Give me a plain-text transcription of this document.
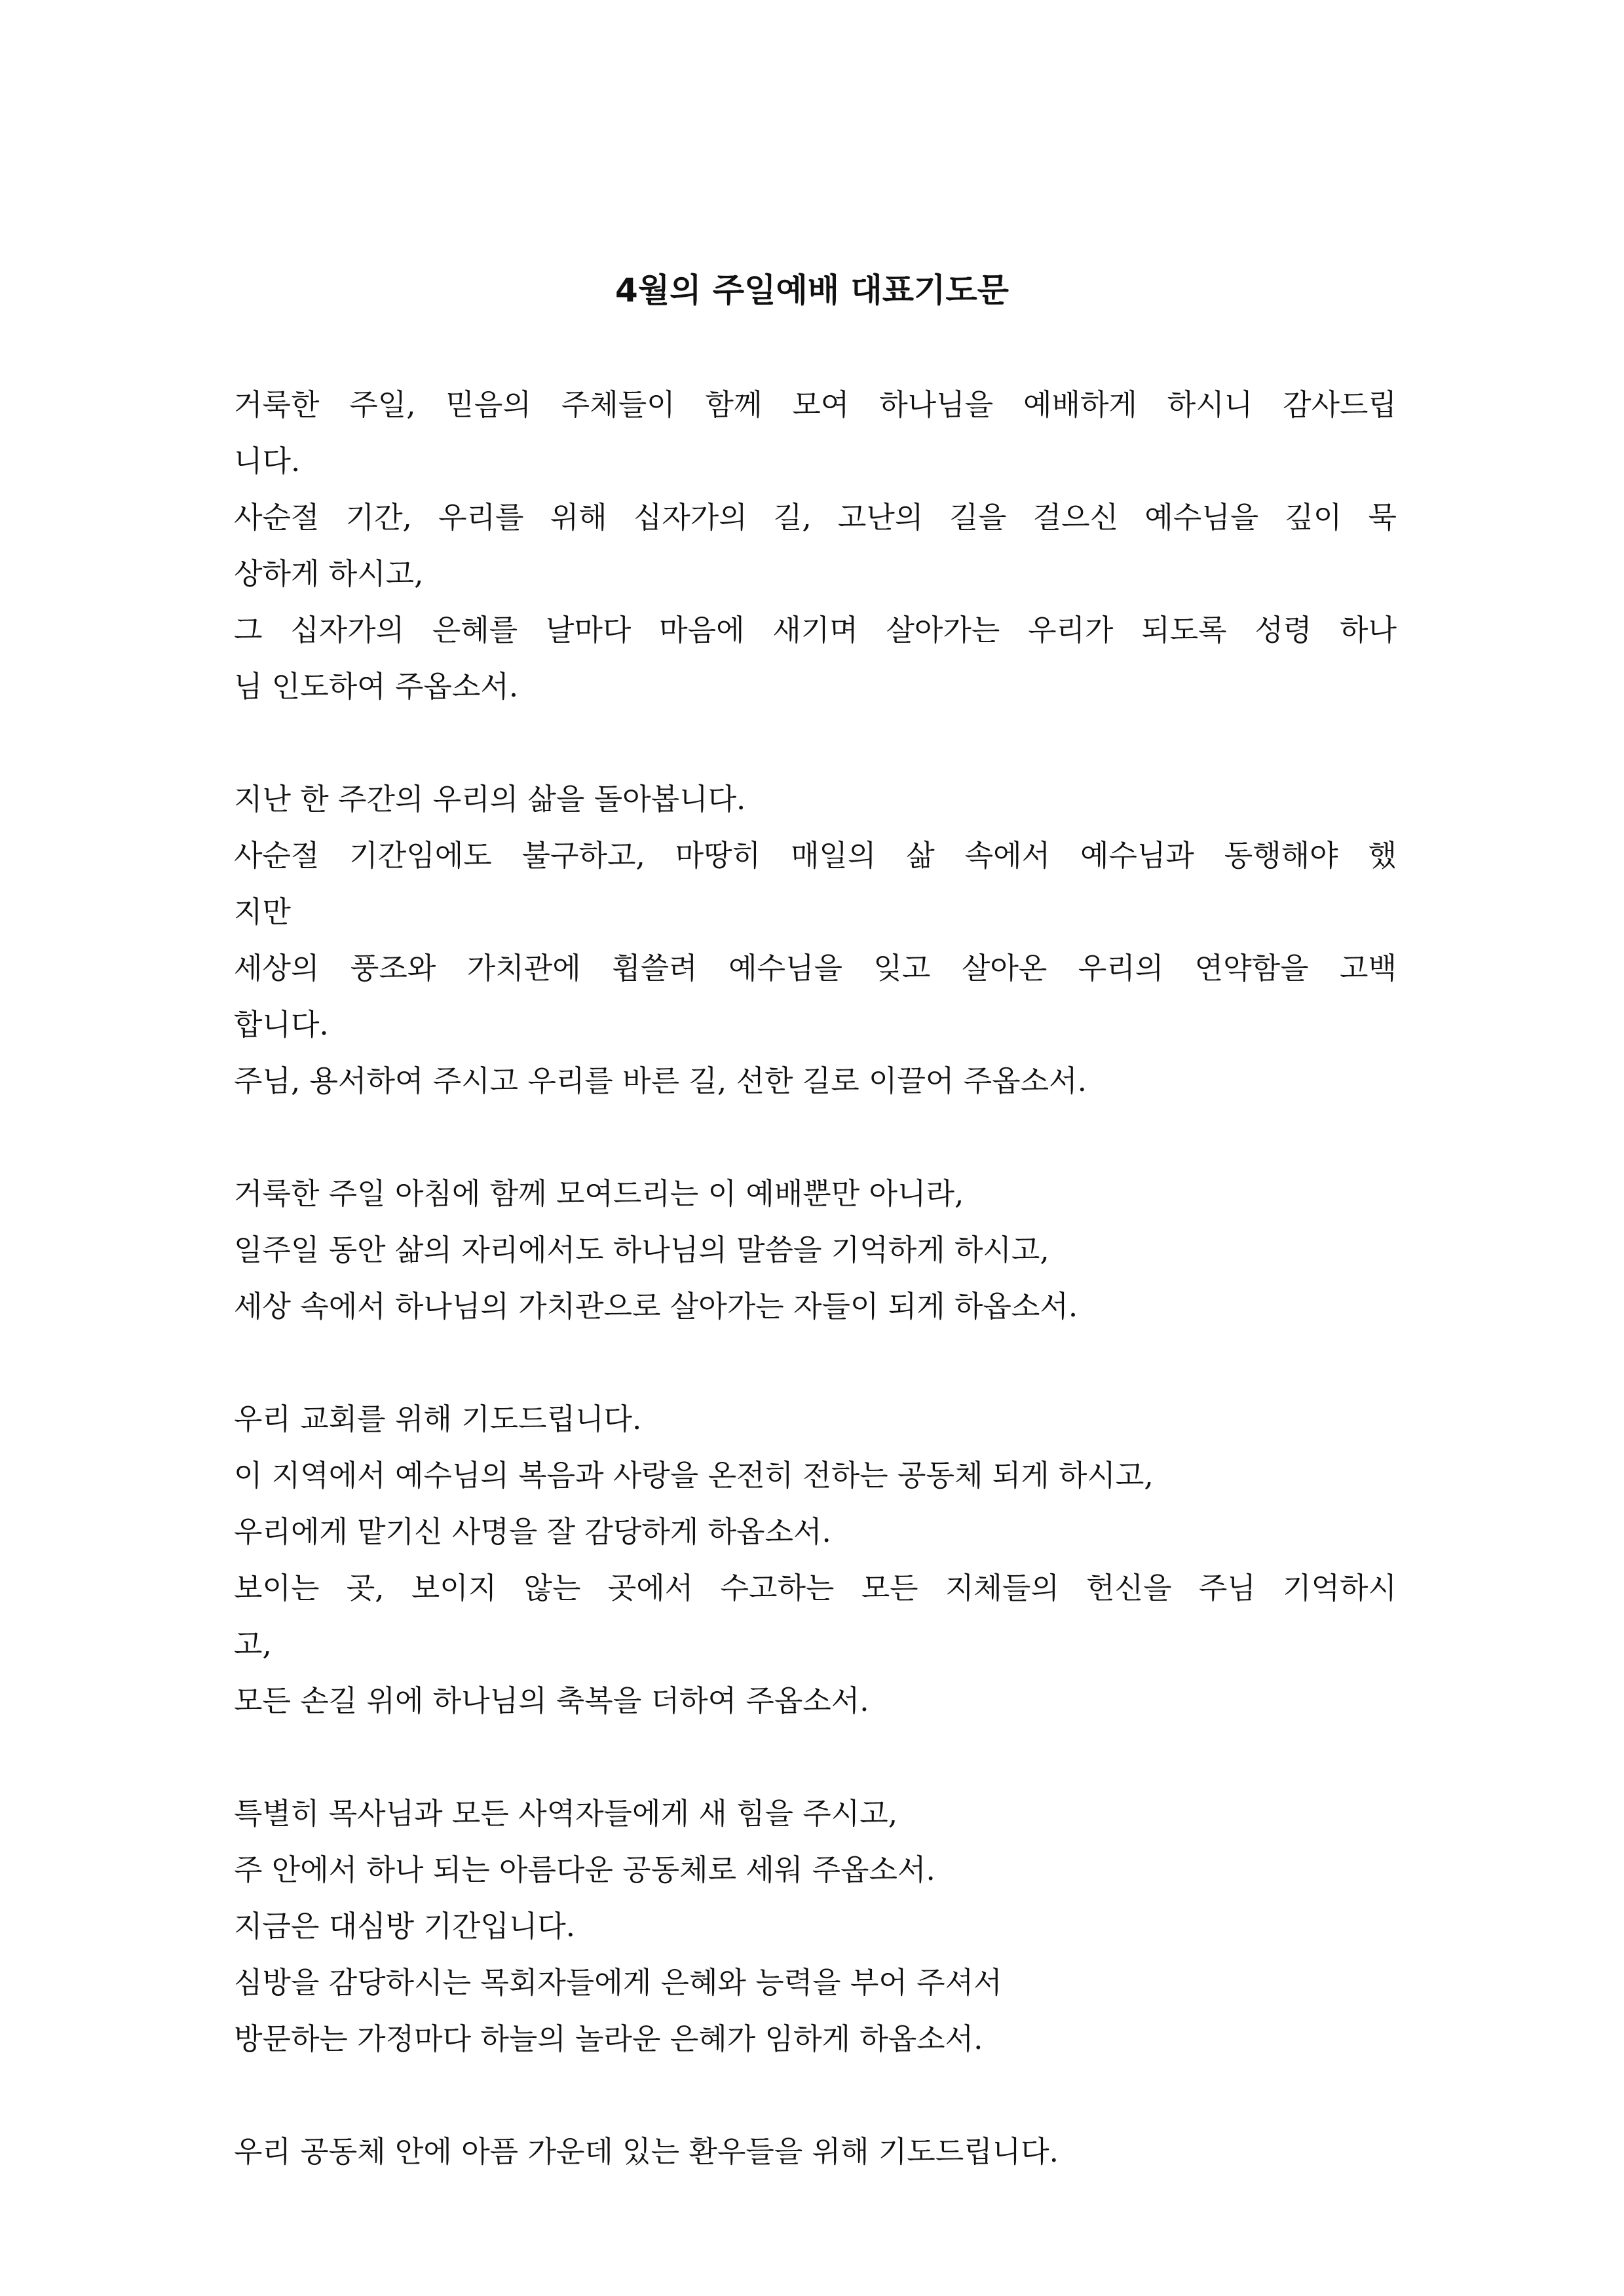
4월의 주일예배 대표기도문
거룩한 주일, 믿음의 주체들이 함께 모여 하나님을 예배하게 하시니 감사드립
니다.
사순절 기간, 우리를 위해 십자가의 길, 고난의 길을 걸으신 예수님을 깊이 묵
상하게 하시고,
그 십자가의 은혜를 날마다 마음에 새기며 살아가는 우리가 되도록 성령 하나
님 인도하여 주옵소서.
지난 한 주간의 우리의 삶을 돌아봅니다.
사순절 기간임에도 불구하고, 마땅히 매일의 삶 속에서 예수님과 동행해야 했
지만
세상의 풍조와 가치관에 휩쓸려 예수님을 잊고 살아온 우리의 연약함을 고백
합니다.
주님, 용서하여 주시고 우리를 바른 길, 선한 길로 이끌어 주옵소서.
거룩한 주일 아침에 함께 모여드리는 이 예배뿐만 아니라,
일주일 동안 삶의 자리에서도 하나님의 말씀을 기억하게 하시고,
세상 속에서 하나님의 가치관으로 살아가는 자들이 되게 하옵소서.
우리 교회를 위해 기도드립니다.
이 지역에서 예수님의 복음과 사랑을 온전히 전하는 공동체 되게 하시고,
우리에게 맡기신 사명을 잘 감당하게 하옵소서.
보이는 곳, 보이지 않는 곳에서 수고하는 모든 지체들의 헌신을 주님 기억하시
고,
모든 손길 위에 하나님의 축복을 더하여 주옵소서.
특별히 목사님과 모든 사역자들에게 새 힘을 주시고,
주 안에서 하나 되는 아름다운 공동체로 세워 주옵소서.
지금은 대심방 기간입니다.
심방을 감당하시는 목회자들에게 은혜와 능력을 부어 주셔서
방문하는 가정마다 하늘의 놀라운 은혜가 임하게 하옵소서.
우리 공동체 안에 아픔 가운데 있는 환우들을 위해 기도드립니다.
